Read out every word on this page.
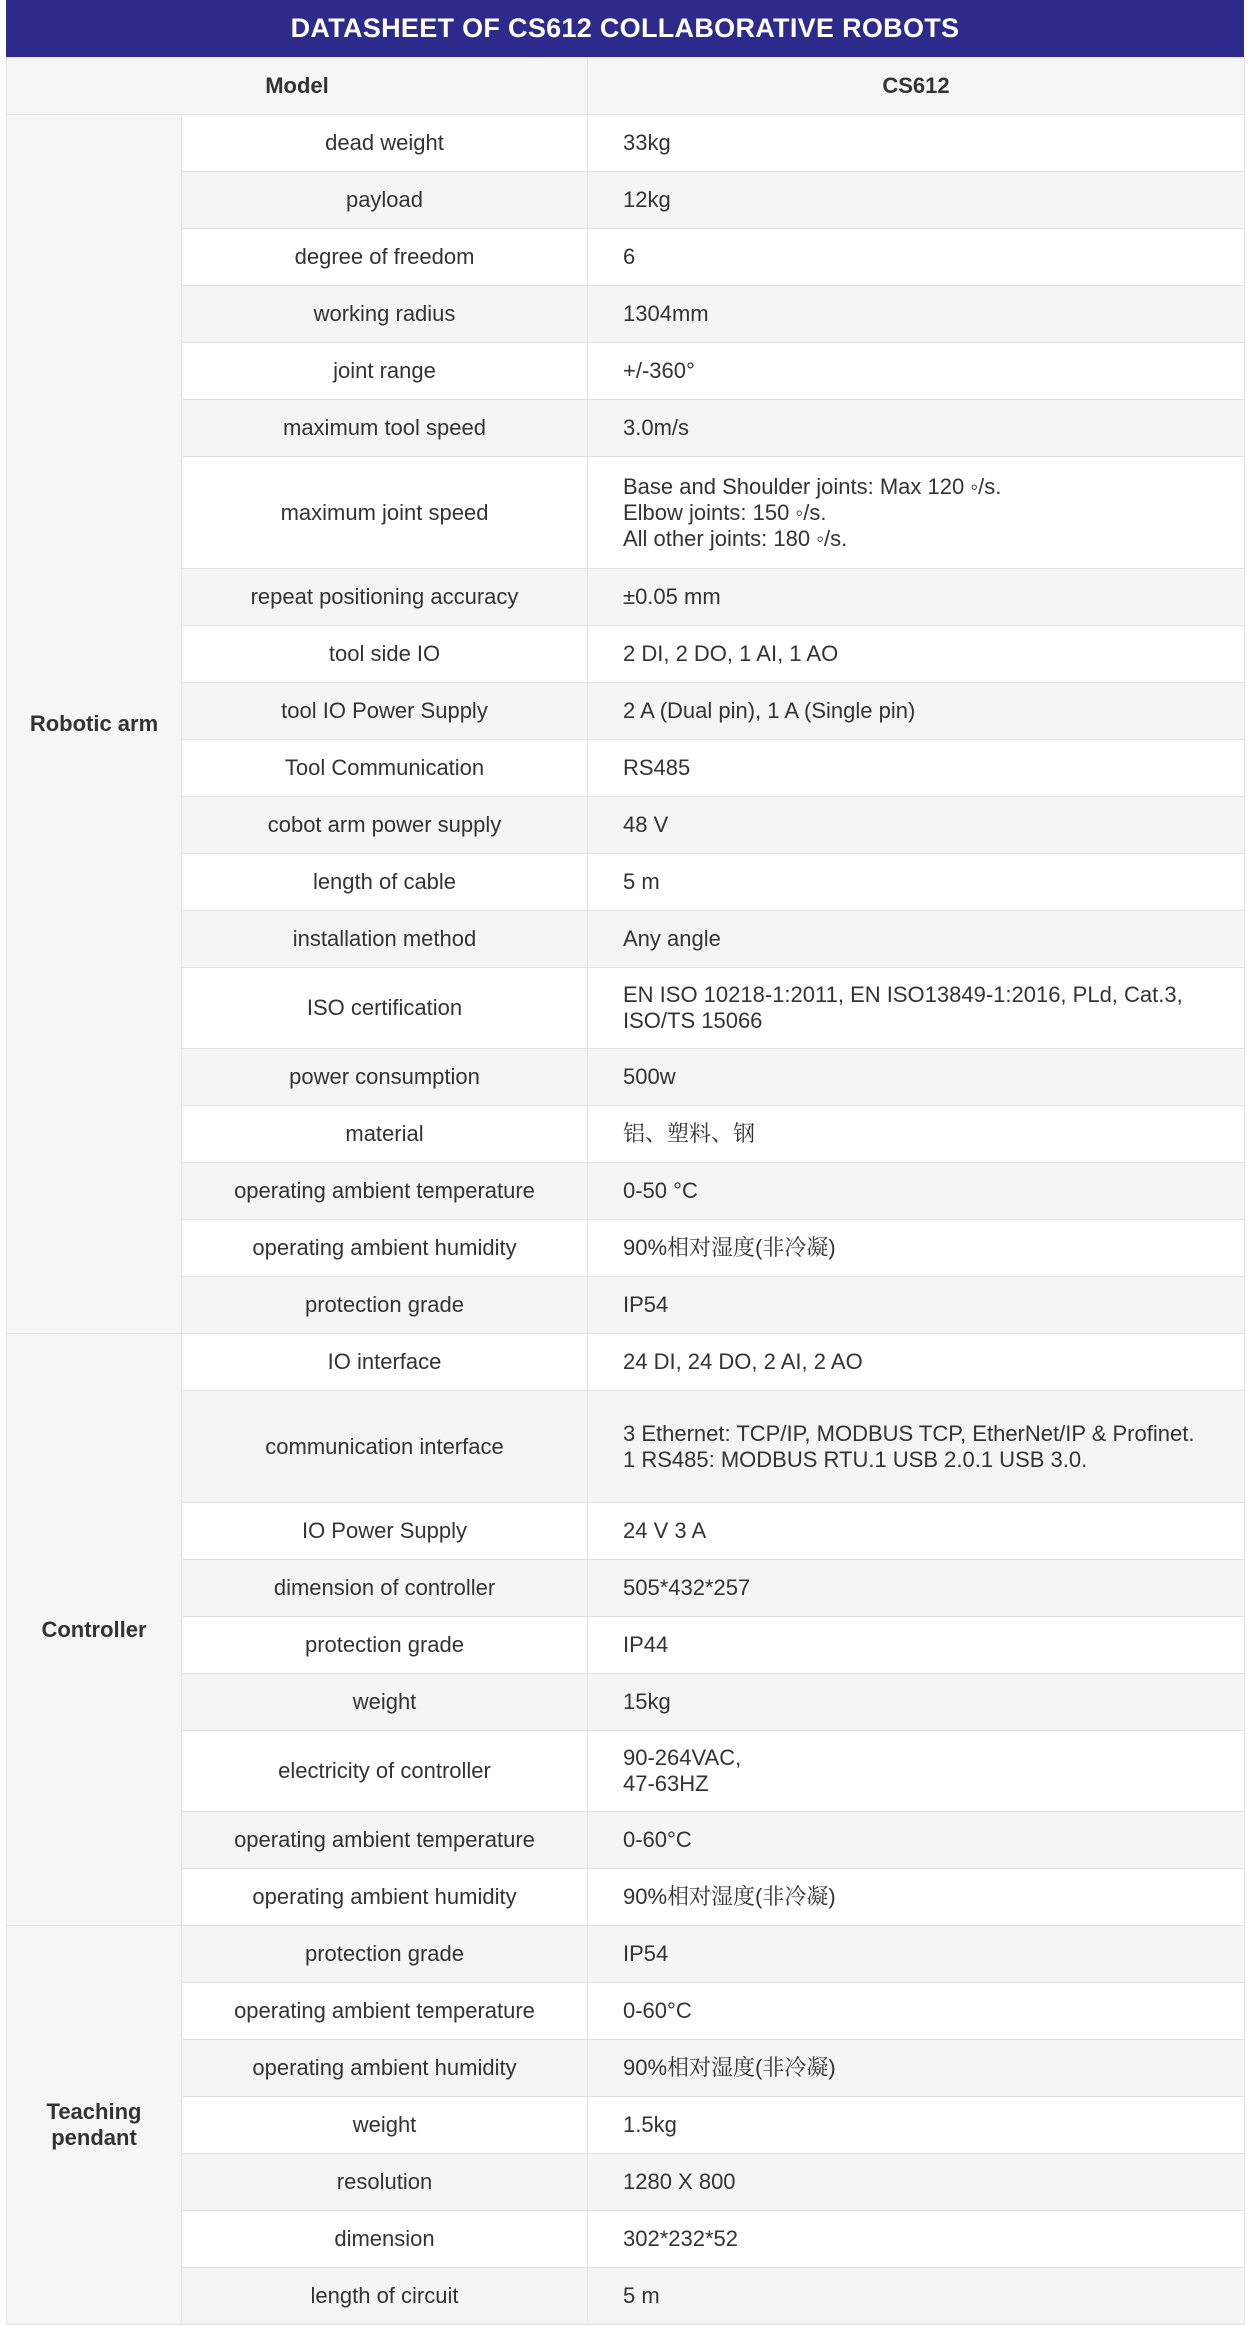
DATASHEET OF CS612 COLLABORATIVE ROBOTS
Model		CS612
Robotic arm	dead weight	33kg
	payload	12kg
	degree of freedom	6
	working radius	1304mm
	joint range	+/-360°
	maximum tool speed	3.0m/s
	maximum joint speed	Base and Shoulder joints: Max 120 ◦/s.
Elbow joints: 150 ◦/s.
All other joints: 180 ◦/s.
	repeat positioning accuracy	±0.05 mm
	tool side IO	2 DI, 2 DO, 1 AI, 1 AO
	tool IO Power Supply	2 A (Dual pin), 1 A (Single pin)
	Tool Communication	RS485
	cobot arm power supply	48 V
	length of cable	5 m
	installation method	Any angle
	ISO certification	EN ISO 10218-1:2011, EN ISO13849-1:2016, PLd, Cat.3, ISO/TS 15066
	power consumption	500w
	material	铝、塑料、钢
	operating ambient temperature	0-50 °C
	operating ambient humidity	90%相对湿度(非冷凝)
	protection grade	IP54
Controller	IO interface	24 DI, 24 DO, 2 AI, 2 AO
	communication interface	3 Ethernet: TCP/IP, MODBUS TCP, EtherNet/IP & Profinet.
1 RS485: MODBUS RTU.1 USB 2.0.1 USB 3.0.
	IO Power Supply	24 V 3 A
	dimension of controller	505*432*257
	protection grade	IP44
	weight	15kg
	electricity of controller	90-264VAC,
47-63HZ
	operating ambient temperature	0-60°C
	operating ambient humidity	90%相对湿度(非冷凝)
Teaching pendant	protection grade	IP54
	operating ambient temperature	0-60°C
	operating ambient humidity	90%相对湿度(非冷凝)
	weight	1.5kg
	resolution	1280 X 800
	dimension	302*232*52
	length of circuit	5 m
